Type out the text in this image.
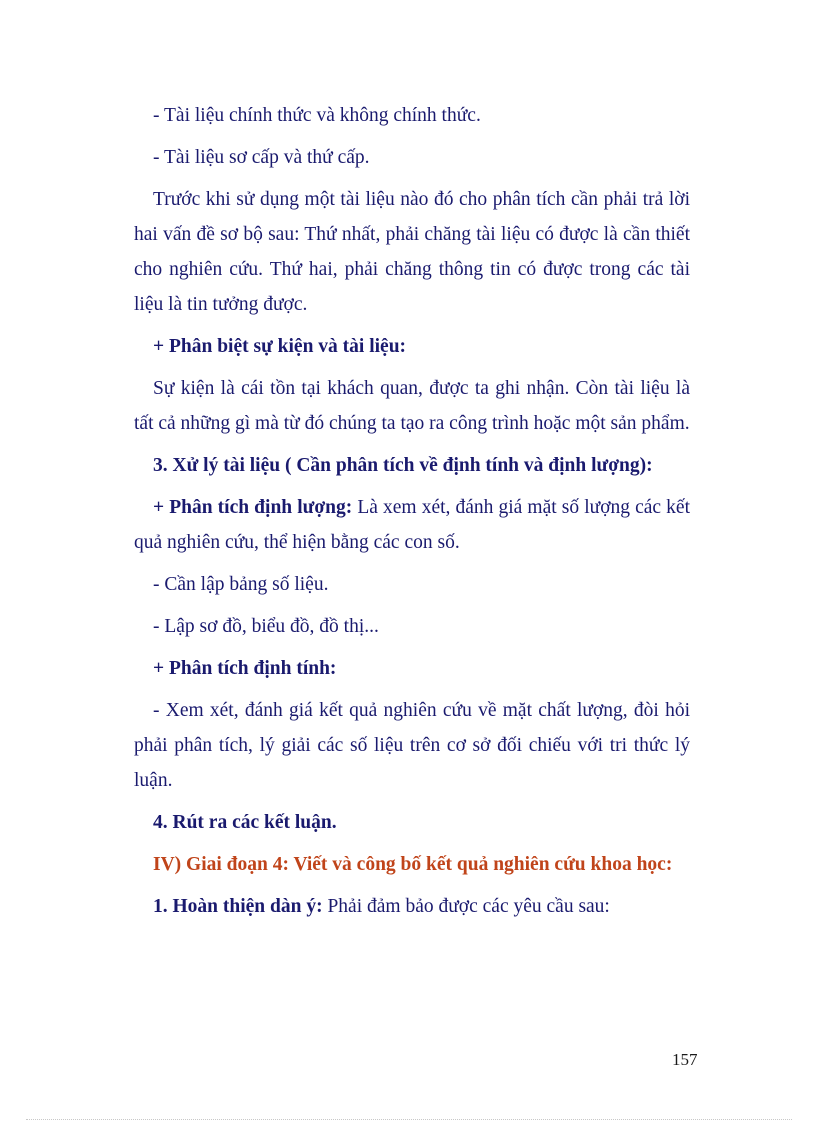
- Tài liệu chính thức và không chính thức.

- Tài liệu sơ cấp và thứ cấp.

Trước khi sử dụng một tài liệu nào đó cho phân tích cần phải trả lời hai vấn đề sơ bộ sau: Thứ nhất, phải chăng tài liệu có được là cần thiết cho nghiên cứu. Thứ hai, phải chăng thông tin có được trong các tài liệu là tin tưởng được.

+ Phân biệt sự kiện và tài liệu:

Sự kiện là cái tồn tại khách quan, được ta ghi nhận. Còn tài liệu là tất cả những gì mà từ đó chúng ta tạo ra công trình hoặc một sản phẩm.

3. Xử lý tài liệu ( Cần phân tích về định tính và định lượng):

+ Phân tích định lượng: Là xem xét, đánh giá mặt số lượng các kết quả nghiên cứu, thể hiện bằng các con số.

- Cần lập bảng số liệu.

- Lập sơ đồ, biểu đồ, đồ thị...

+ Phân tích định tính:

- Xem xét, đánh giá kết quả nghiên cứu về mặt chất lượng, đòi hỏi phải phân tích, lý giải các số liệu trên cơ sở đối chiếu với tri thức lý luận.

4. Rút ra các kết luận.

IV) Giai đoạn 4: Viết và công bố kết quả nghiên cứu khoa học:

1. Hoàn thiện dàn ý: Phải đảm bảo được các yêu cầu sau:

157
